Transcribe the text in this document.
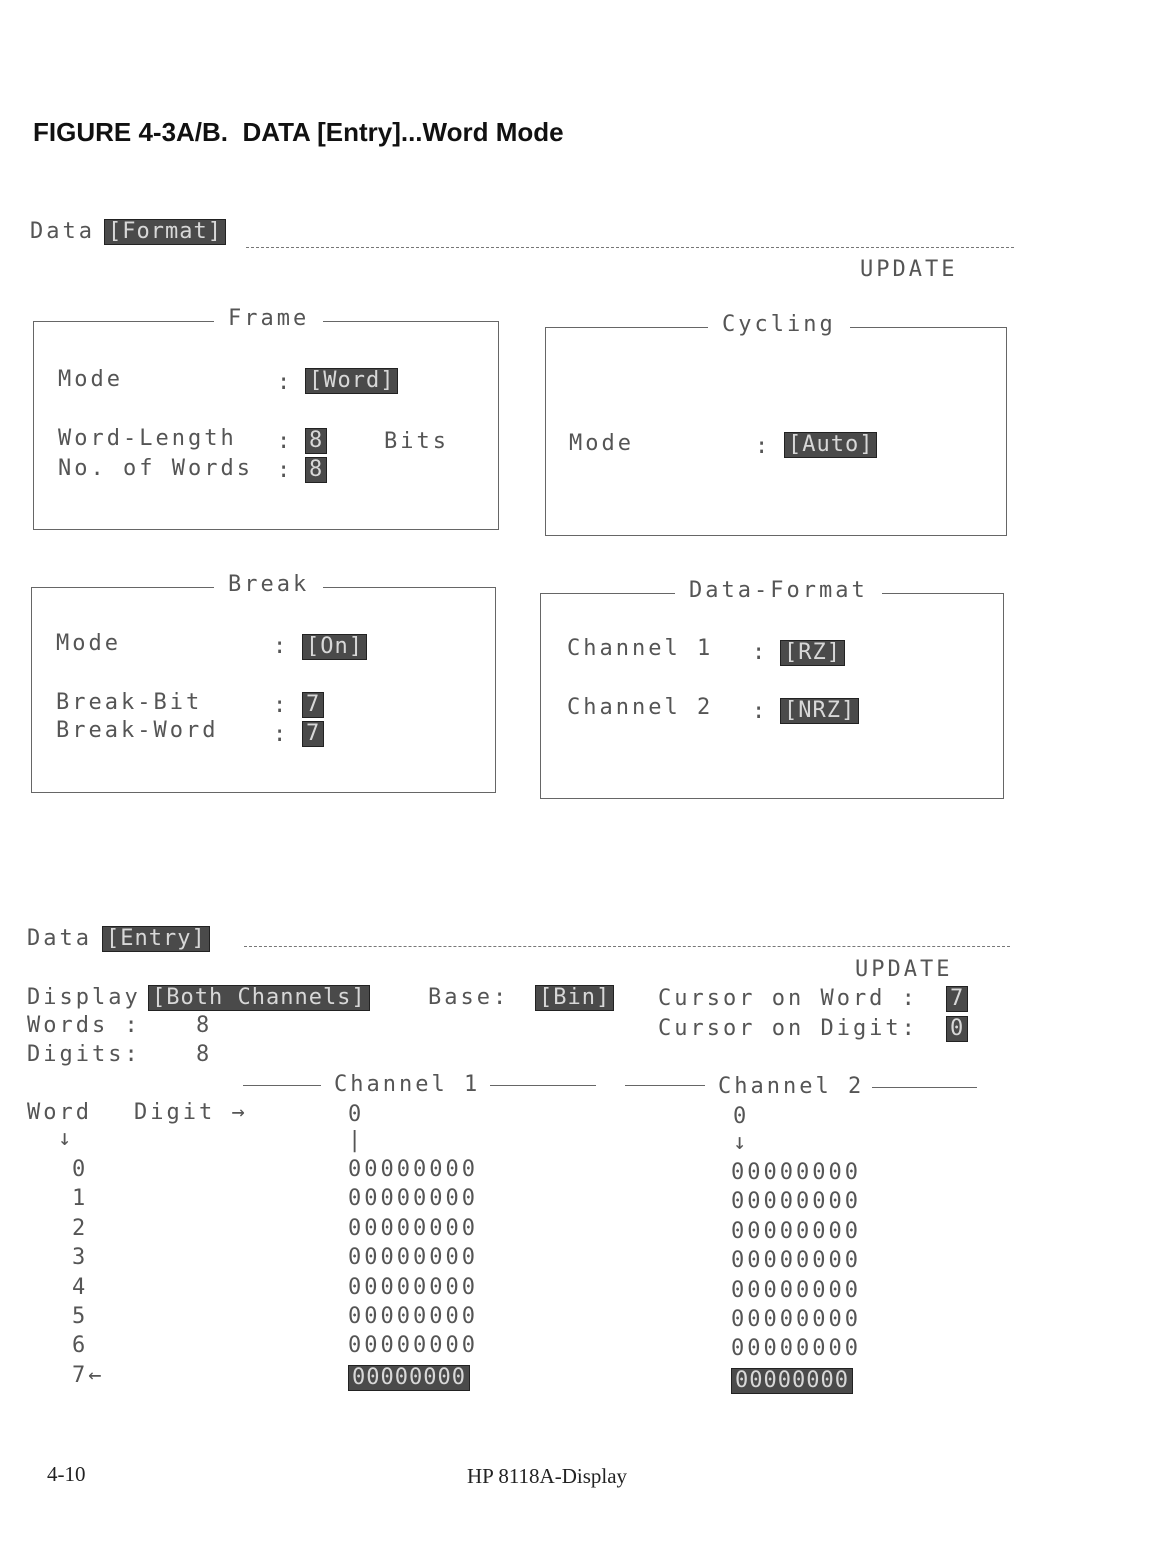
FIGURE 4-3A/B.  DATA [Entry]...Word Mode
Data [Format]
UPDATE
Frame
Mode	: [Word]
Word-Length : 8	Bits
No. of Words : 8
Cycling
Mode	: [Auto]
Break
Mode	: [On]
Break-Bit	: 7
Break-Word : 7
Data-Format
Channel 1 : [RZ]
Channel 2 : [NRZ]
Data [Entry]
UPDATE
Display [Both Channels]	Base: [Bin] Cursor on Word : 7
Cursor on Digit: 0
Words :	8
Digits:	8
Channel 1	Channel 2
Word Digit →
↓
0
|
0
↓
0	00000000	00000000
1	00000000	00000000
2	00000000	00000000
3	00000000	00000000
4	00000000	00000000
5	00000000	00000000
6	00000000	00000000
7←	00000000	00000000
4-10	HP 8118A-Display
